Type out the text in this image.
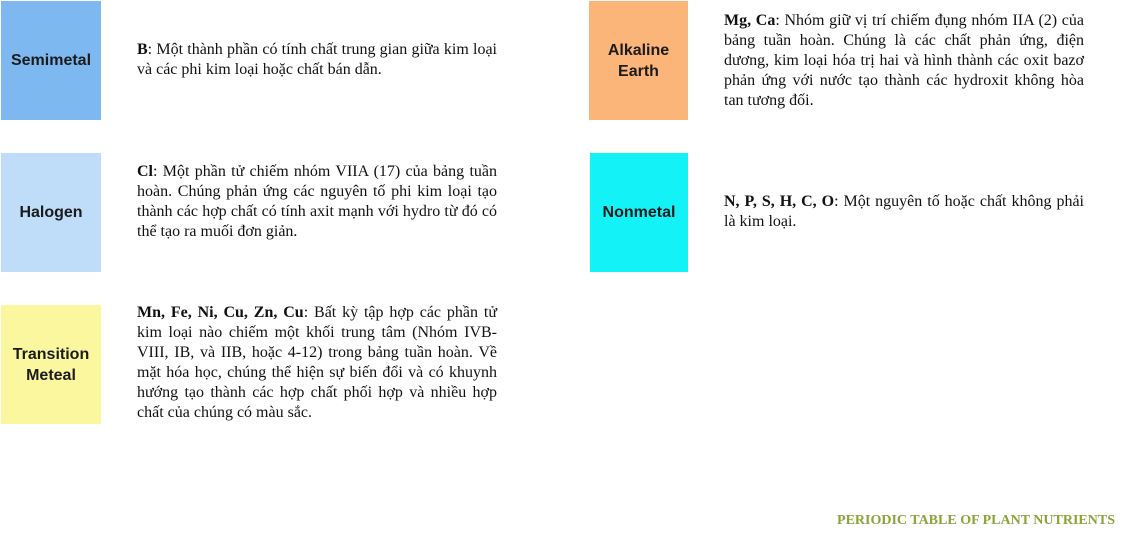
Semimetal
B: Một thành phần có tính chất trung gian giữa kim loại và các phi kim loại hoặc chất bán dẫn.
Halogen
Cl: Một phần tử chiếm nhóm VIIA (17) của bảng tuần hoàn. Chúng phản ứng các nguyên tố phi kim loại tạo thành các hợp chất có tính axit mạnh với hydro từ đó có thể tạo ra muối đơn giản.
Transition Meteal
Mn, Fe, Ni, Cu, Zn, Cu: Bất kỳ tập hợp các phần tử kim loại nào chiếm một khối trung tâm (Nhóm IVB-VIII, IB, và IIB, hoặc 4-12) trong bảng tuần hoàn. Về mặt hóa học, chúng thể hiện sự biến đổi và có khuynh hướng tạo thành các hợp chất phối hợp và nhiều hợp chất của chúng có màu sắc.
Alkaline Earth
Mg, Ca: Nhóm giữ vị trí chiếm đụng nhóm IIA (2) của bảng tuần hoàn. Chúng là các chất phản ứng, điện dương, kim loại hóa trị hai và hình thành các oxit bazơ phản ứng với nước tạo thành các hydroxit không hòa tan tương đối.
Nonmetal
N, P, S, H, C, O: Một nguyên tố hoặc chất không phải là kim loại.
PERIODIC TABLE OF PLANT NUTRIENTS
